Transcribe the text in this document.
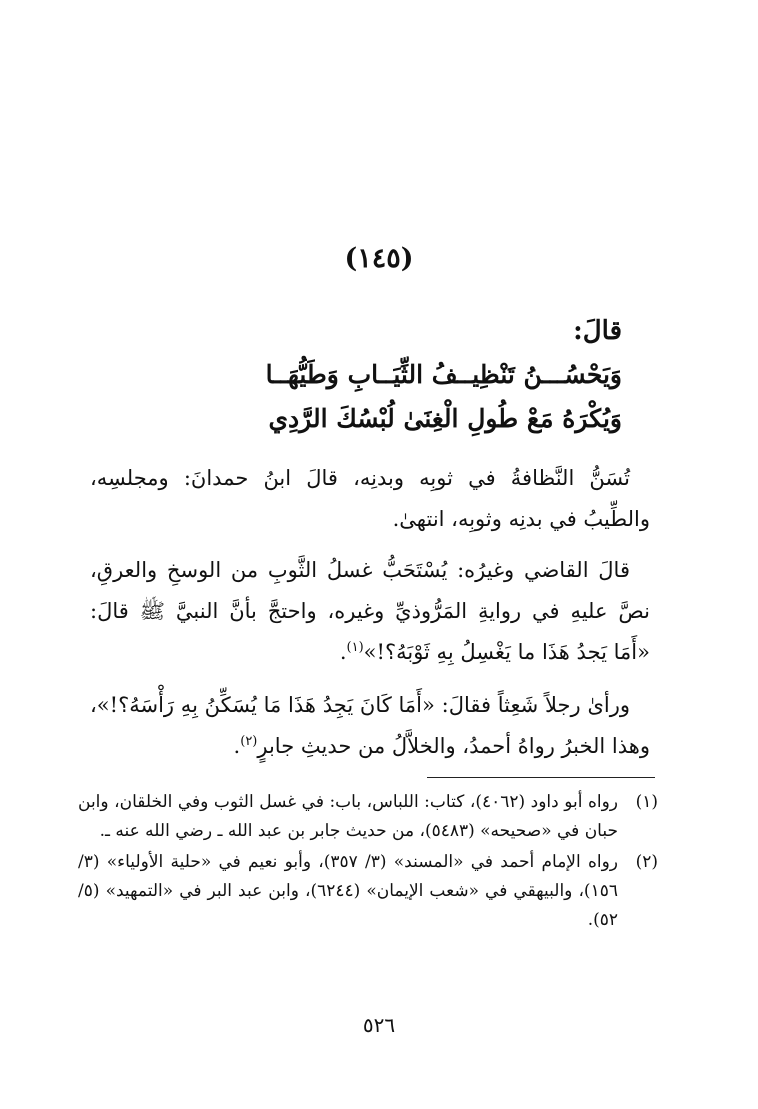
(١٤٥)
قالَ:
وَيَحْسُـــنُ تَنْظِيــفُ الثِّيَــابِ وَطَيُّهَــا
وَيُكْرَهُ مَعْ طُولِ الْغِنَىٰ لُبْسُكَ الرَّدِي

تُسَنُّ النَّظافةُ في ثوبِه وبدنِه، قالَ ابنُ حمدانَ: ومجلسِه، والطِّيبُ في بدنِه وثوبِه، انتهىٰ.

قالَ القاضي وغيرُه: يُسْتَحَبُّ غسلُ الثَّوبِ من الوسخِ والعرقِ، نصَّ عليهِ في روايةِ المَرُّوذيِّ وغيره، واحتجَّ بأنَّ النبيَّ ﷺ قالَ: «أَمَا يَجدُ هَذَا ما يَغْسِلُ بِهِ ثَوْبَهُ؟!»$^{(١)}$.

ورأىٰ رجلاً شَعِثاً فقالَ: «أَمَا كَانَ يَجِدُ هَذَا مَا يُسَكِّنُ بِهِ رَأْسَهُ؟!»، وهذا الخبرُ رواهُ أحمدُ، والخلاَّلُ من حديثِ جابرٍ$^{(٢)}$.

(١)
رواه أبو داود (٤٠٦٢)، كتاب: اللباس، باب: في غسل الثوب وفي الخلقان، وابن حبان في «صحيحه» (٥٤٨٣)، من حديث جابر بن عبد الله ـ رضي الله عنه ـ.
(٢)
رواه الإمام أحمد في «المسند» (٣/ ٣٥٧)، وأبو نعيم في «حلية الأولياء» (٣/ ١٥٦)، والبيهقي في «شعب الإيمان» (٦٢٤٤)، وابن عبد البر في «التمهيد» (٥/ ٥٢).
٥٢٦
